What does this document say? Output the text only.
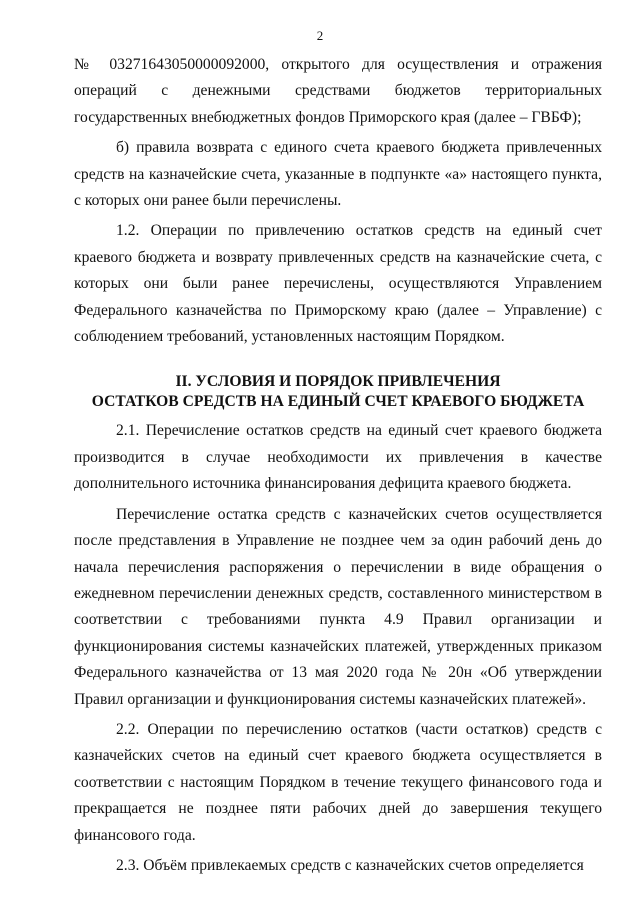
2

№ 03271643050000092000, открытого для осуществления и отражения операций с денежными средствами бюджетов территориальных государственных внебюджетных фондов Приморского края (далее – ГВБФ);

б) правила возврата с единого счета краевого бюджета привлеченных средств на казначейские счета, указанные в подпункте «а» настоящего пункта, с которых они ранее были перечислены.

1.2. Операции по привлечению остатков средств на единый счет краевого бюджета и возврату привлеченных средств на казначейские счета, с которых они были ранее перечислены, осуществляются Управлением Федерального казначейства по Приморскому краю (далее – Управление) с соблюдением требований, установленных настоящим Порядком.

II. УСЛОВИЯ И ПОРЯДОК ПРИВЛЕЧЕНИЯ
ОСТАТКОВ СРЕДСТВ НА ЕДИНЫЙ СЧЕТ КРАЕВОГО БЮДЖЕТА

2.1. Перечисление остатков средств на единый счет краевого бюджета производится в случае необходимости их привлечения в качестве дополнительного источника финансирования дефицита краевого бюджета.

Перечисление остатка средств с казначейских счетов осуществляется после представления в Управление не позднее чем за один рабочий день до начала перечисления распоряжения о перечислении в виде обращения о ежедневном перечислении денежных средств, составленного министерством в соответствии с требованиями пункта 4.9 Правил организации и функционирования системы казначейских платежей, утвержденных приказом Федерального казначейства от 13 мая 2020 года № 20н «Об утверждении Правил организации и функционирования системы казначейских платежей».

2.2. Операции по перечислению остатков (части остатков) средств с казначейских счетов на единый счет краевого бюджета осуществляется в соответствии с настоящим Порядком в течение текущего финансового года и прекращается не позднее пяти рабочих дней до завершения текущего финансового года.

2.3. Объём привлекаемых средств с казначейских счетов определяется
